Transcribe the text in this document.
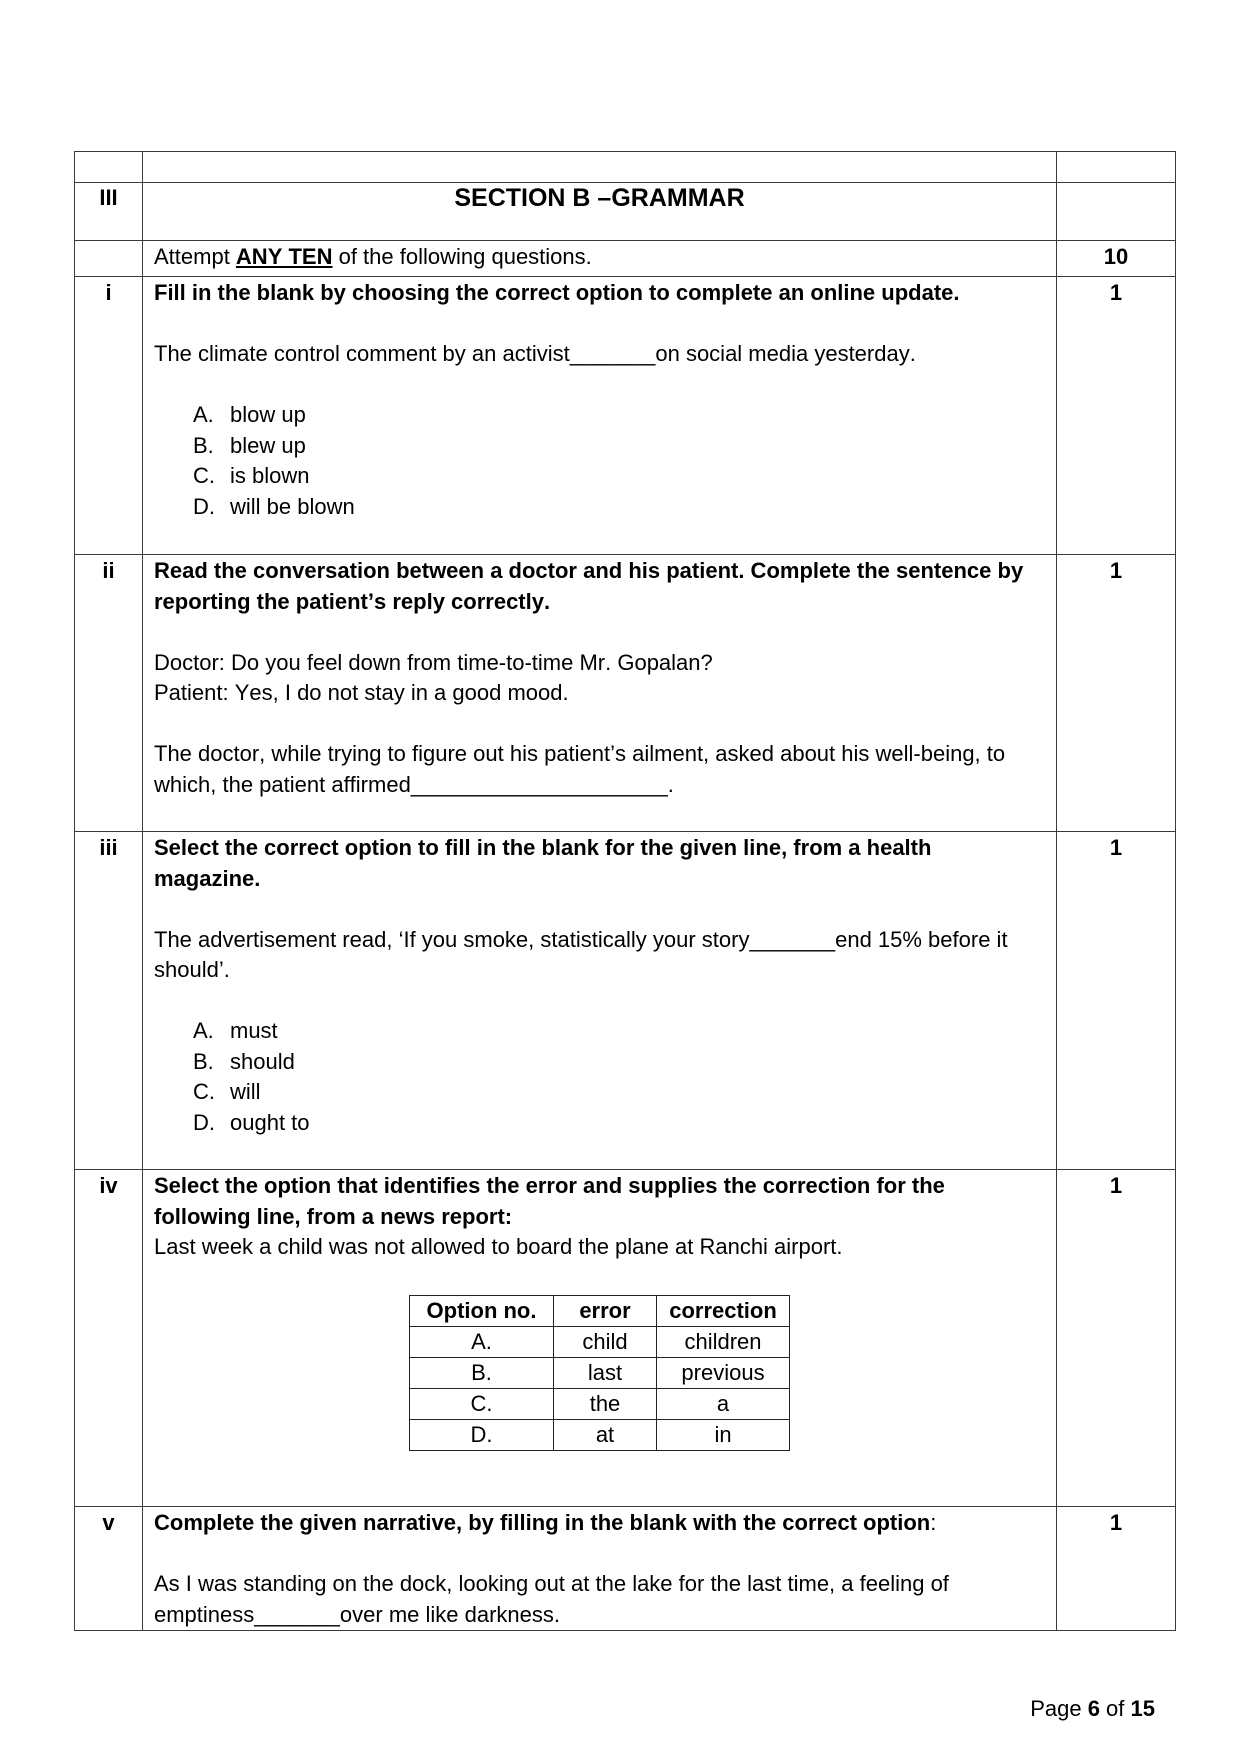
III	SECTION B –GRAMMAR

Attempt ANY TEN of the following questions.	10
i	Fill in the blank by choosing the correct option to complete an online update.
The climate control comment by an activist_______on social media yesterday.
A. blow up
B. blew up
C. is blown
D. will be blown
	1
ii	Read the conversation between a doctor and his patient. Complete the sentence by reporting the patient’s reply correctly.
Doctor: Do you feel down from time-to-time Mr. Gopalan?
Patient: Yes, I do not stay in a good mood.
The doctor, while trying to figure out his patient’s ailment, asked about his well-being, to which, the patient affirmed_____________________.
	1
iii	Select the correct option to fill in the blank for the given line, from a health magazine.
The advertisement read, ‘If you smoke, statistically your story_______end 15% before it should’.
A. must
B. should
C. will
D. ought to
	1
iv	Select the option that identifies the error and supplies the correction for the following line, from a news report:
Last week a child was not allowed to board the plane at Ranchi airport.
Option no.	error	correction
A.	child	children
B.	last	previous
C.	the	a
D.	at	in
	1
v	Complete the given narrative, by filling in the blank with the correct option:
As I was standing on the dock, looking out at the lake for the last time, a feeling of emptiness_______over me like darkness.
	1
Page 6 of 15
